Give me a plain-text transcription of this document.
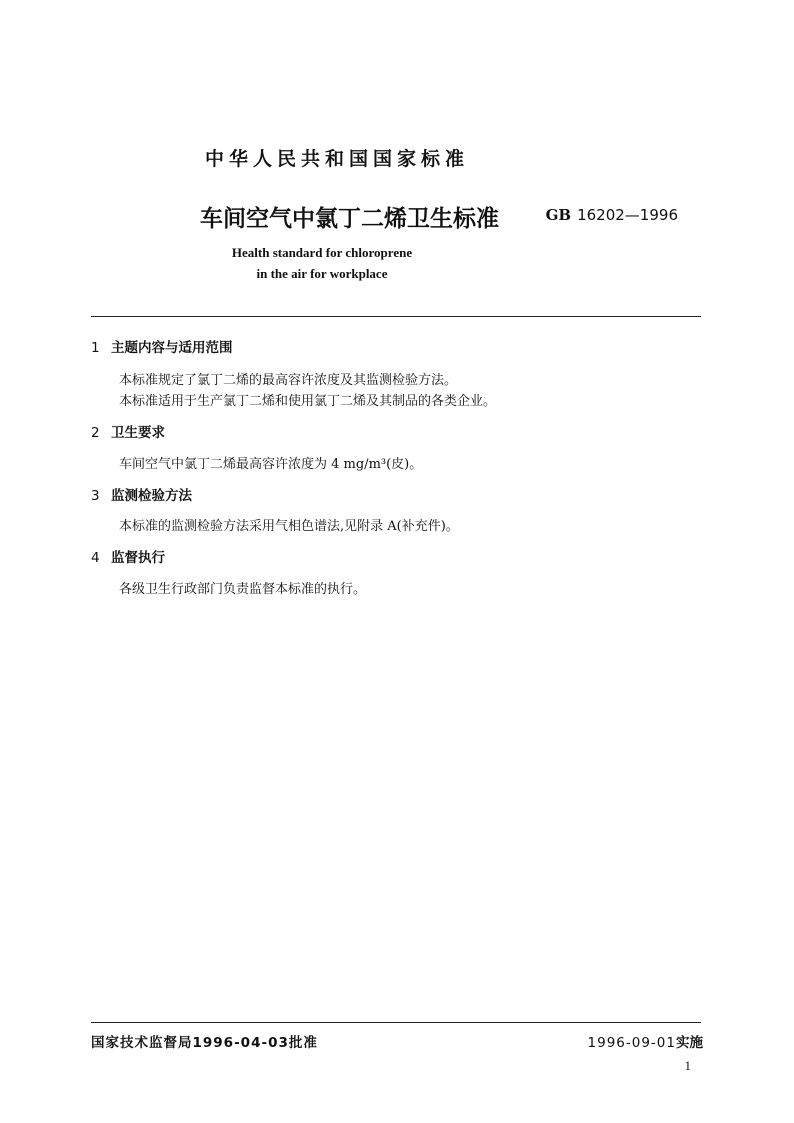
中华人民共和国国家标准
车间空气中氯丁二烯卫生标准	GB 16202—1996
Health standard for chloroprene
in the air for workplace
1 主题内容与适用范围
本标准规定了氯丁二烯的最高容许浓度及其监测检验方法。
本标准适用于生产氯丁二烯和使用氯丁二烯及其制品的各类企业。
2 卫生要求
车间空气中氯丁二烯最高容许浓度为 4 mg/m³(皮)。
3 监测检验方法
本标准的监测检验方法采用气相色谱法,见附录 A(补充件)。
4 监督执行
各级卫生行政部门负责监督本标准的执行。
国家技术监督局1996-04-03批准	1996-09-01实施
1
